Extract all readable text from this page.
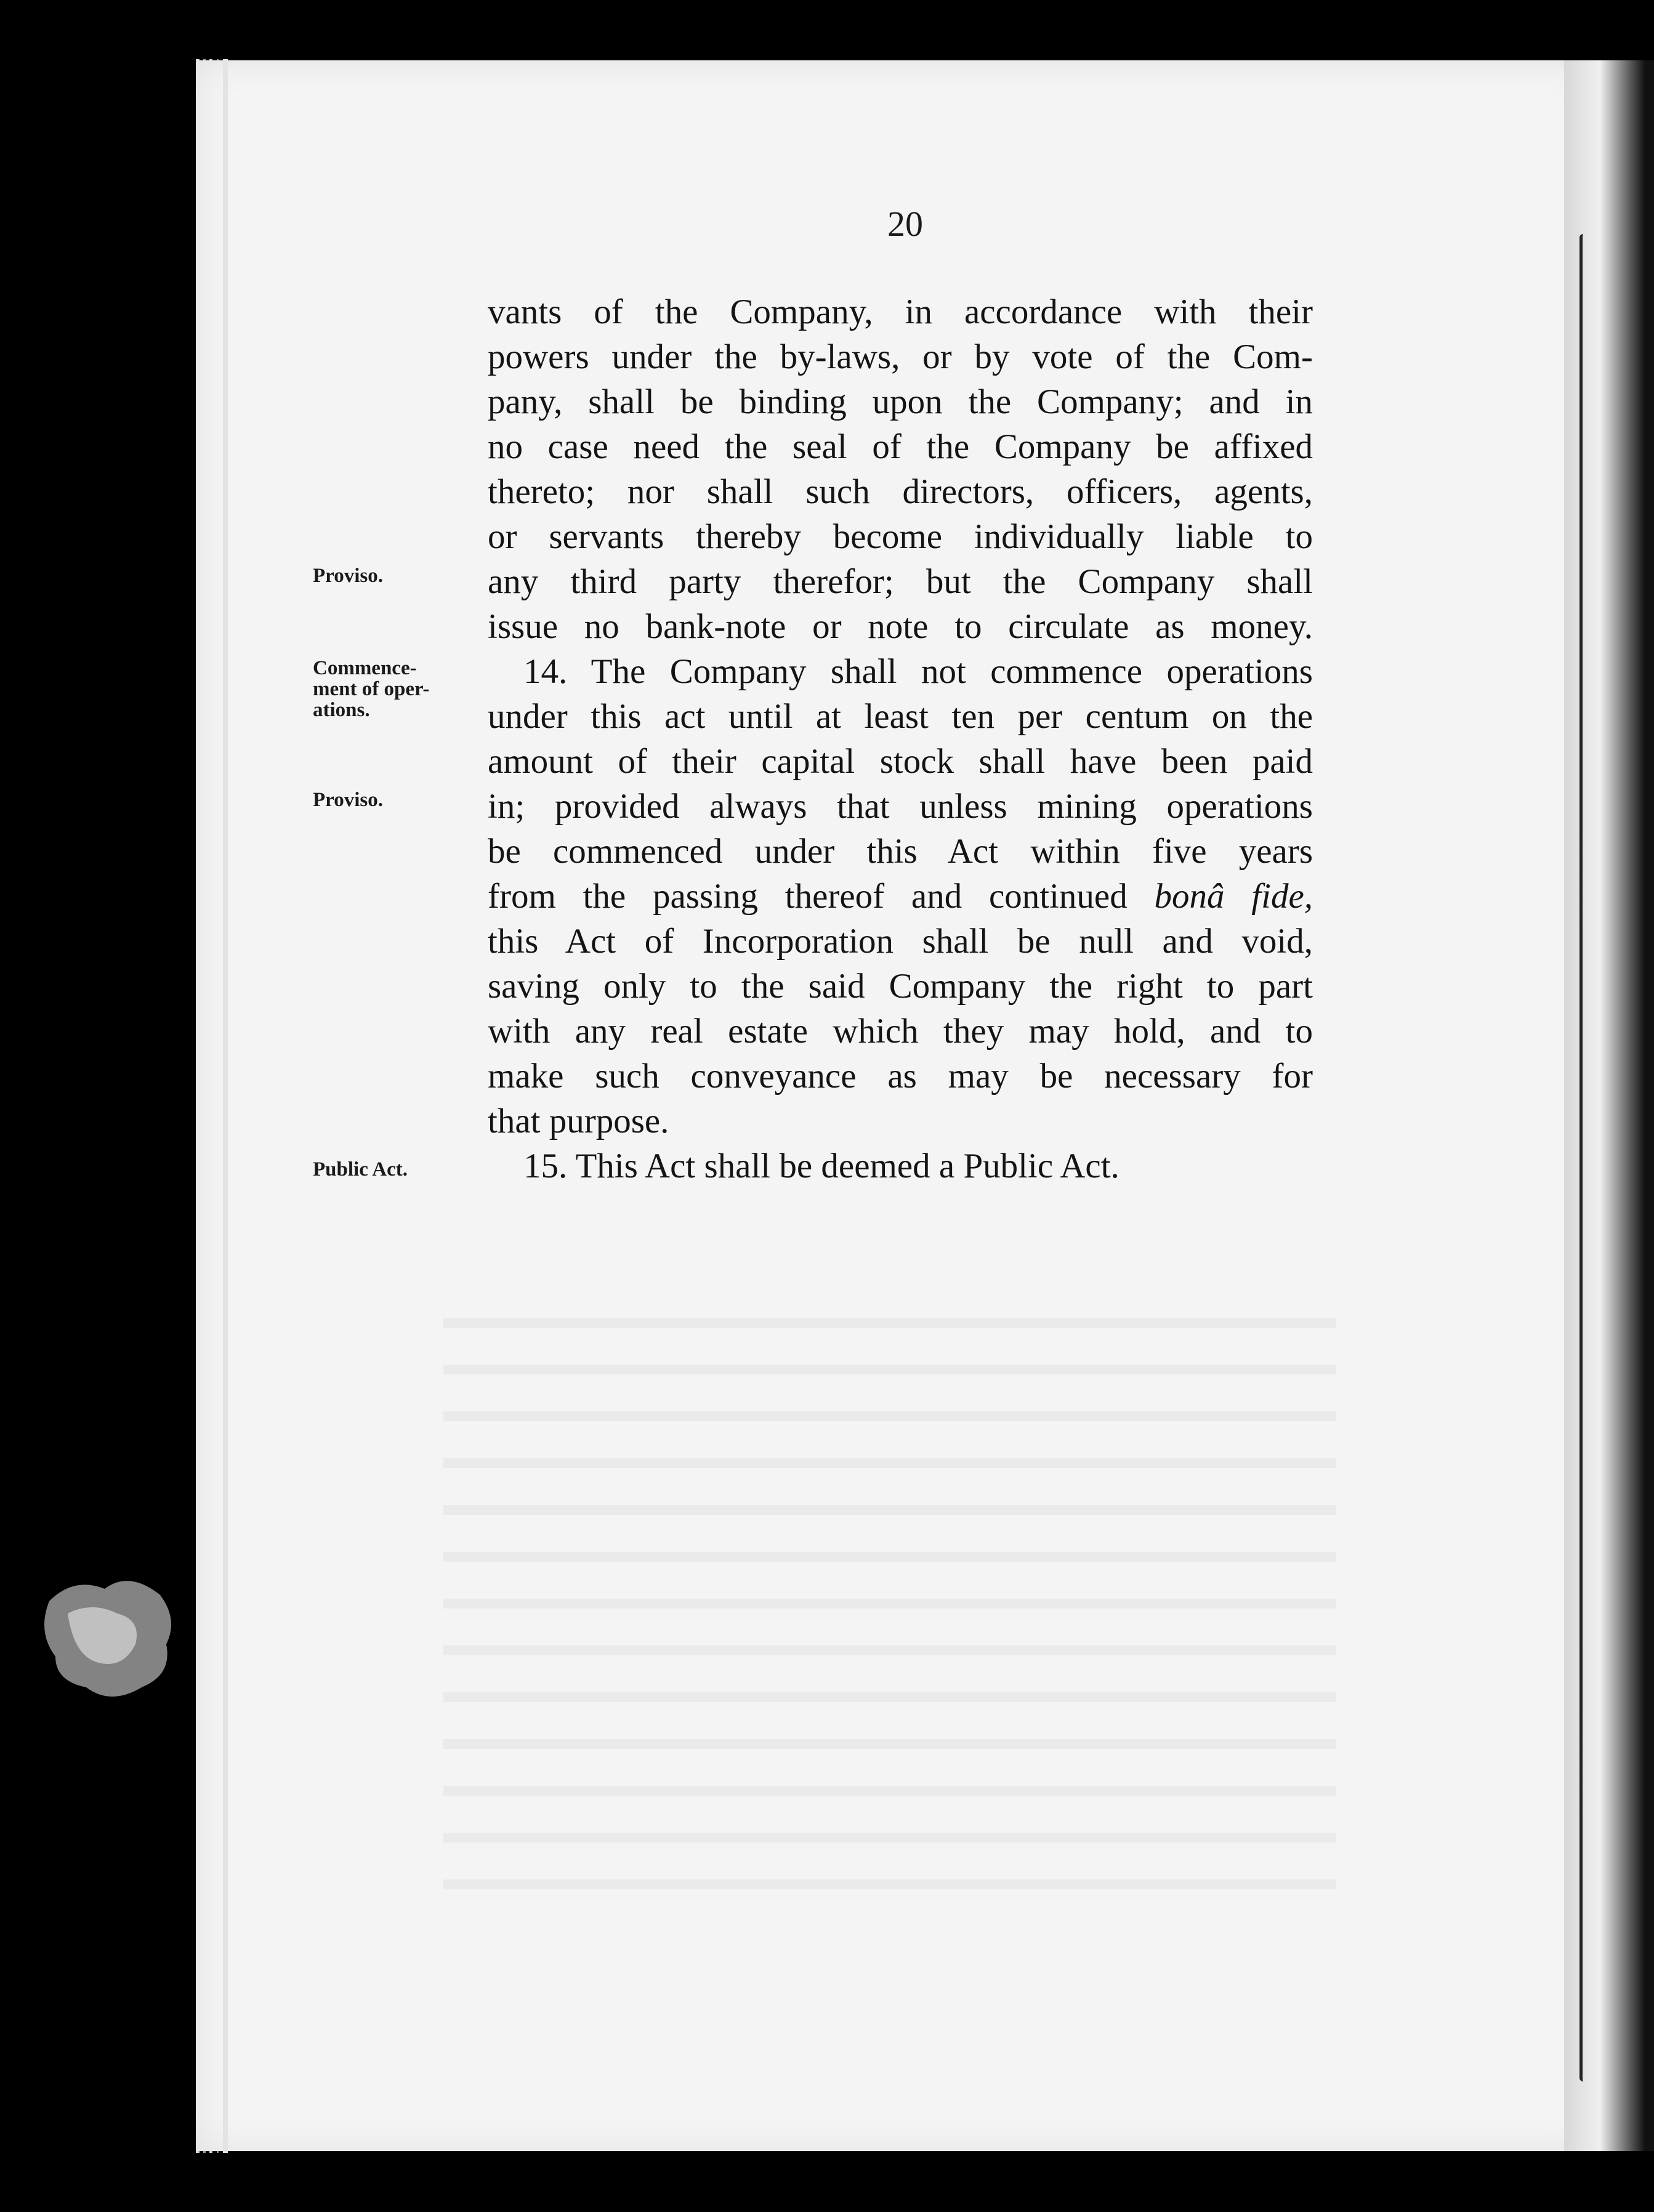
20
Proviso.
Commence-
ment of oper-
ations.
Proviso.
Public Act.
vants of the Company, in accordance with their
powers under the by-laws, or by vote of the Com-
pany, shall be binding upon the Company; and in
no case need the seal of the Company be affixed
thereto; nor shall such directors, officers, agents,
or servants thereby become individually liable to
any third party therefor; but the Company shall
issue no bank-note or note to circulate as money.
14. The Company shall not commence operations
under this act until at least ten per centum on the
amount of their capital stock shall have been paid
in; provided always that unless mining operations
be commenced under this Act within five years
from the passing thereof and continued bonâ fide,
this Act of Incorporation shall be null and void,
saving only to the said Company the right to part
with any real estate which they may hold, and to
make such conveyance as may be necessary for
that purpose.
15. This Act shall be deemed a Public Act.
